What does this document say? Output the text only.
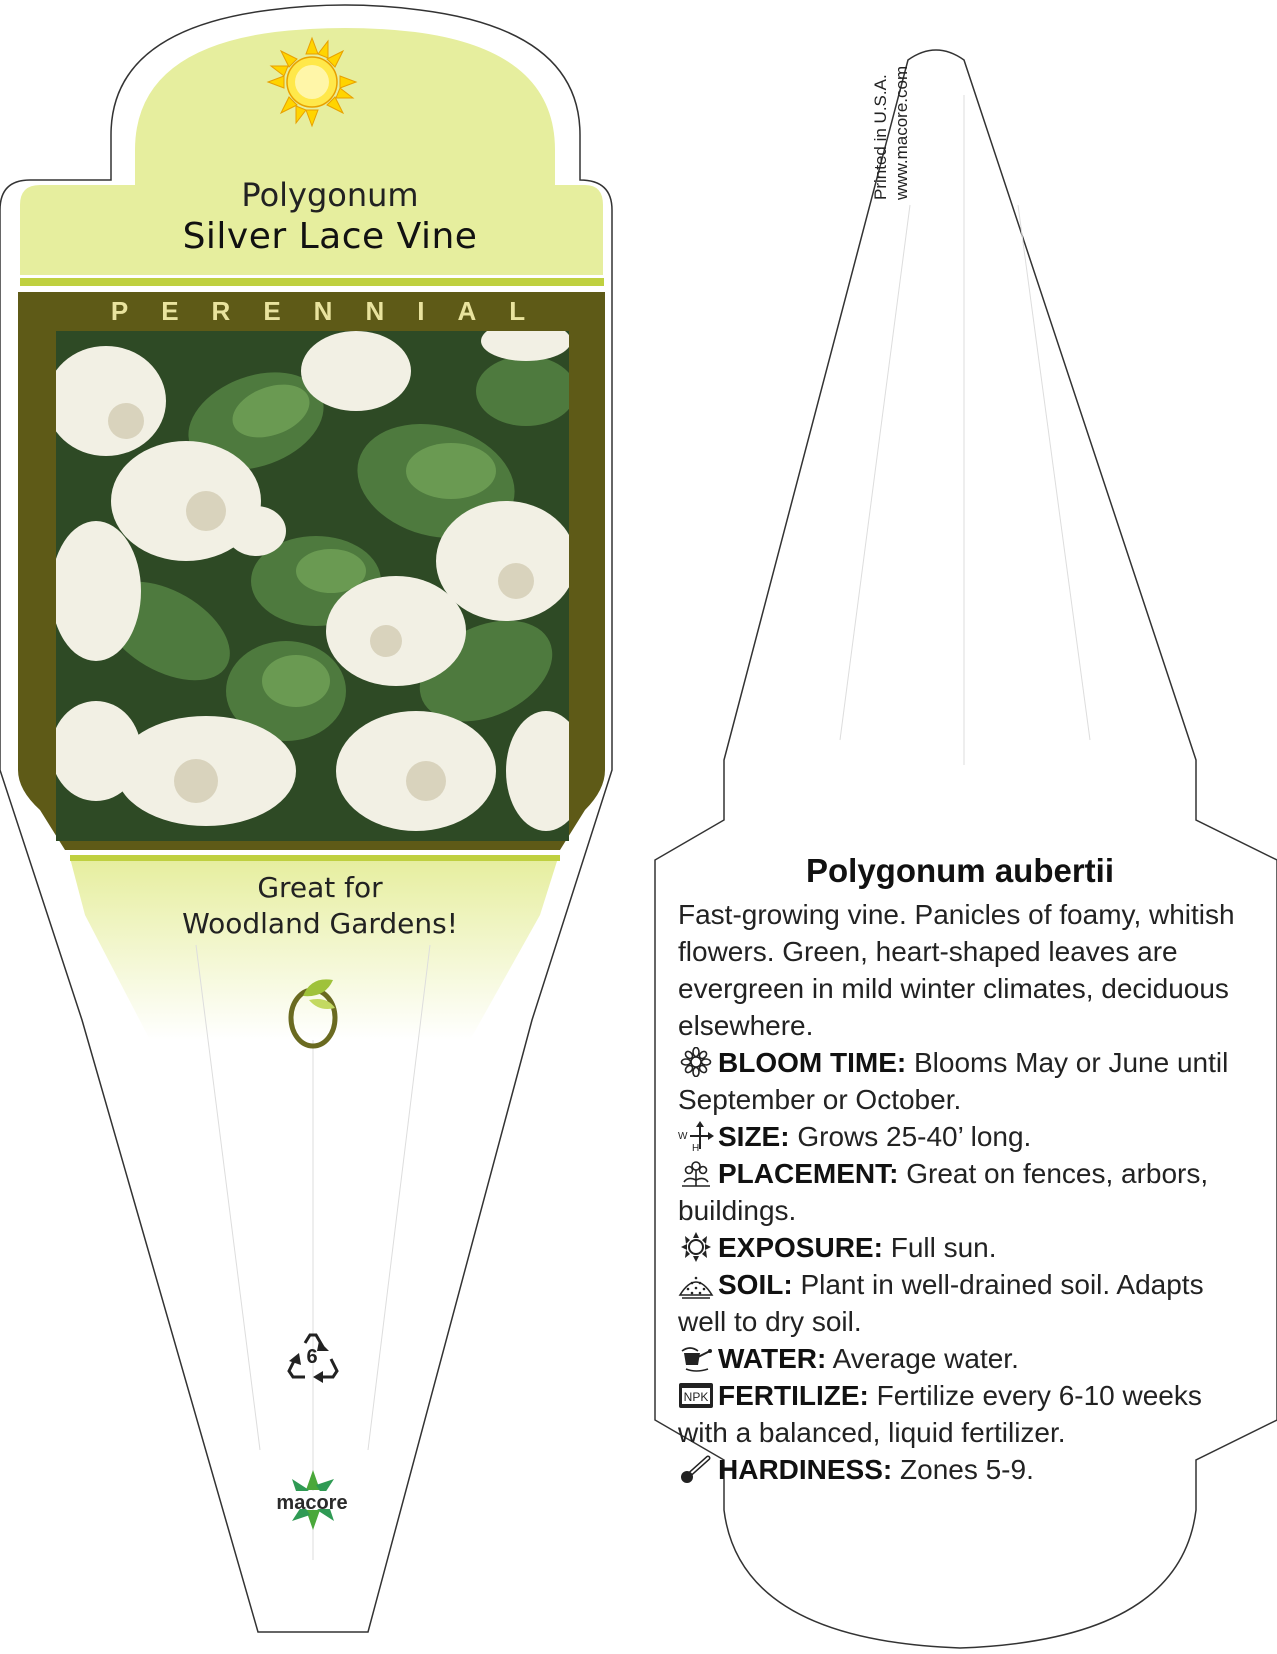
Polygonum
Silver Lace Vine
PERENNIAL
Great for
Woodland Gardens!
6
macore
Printed in U.S.A. www.macore.com
Polygonum aubertii

Fast-growing vine. Panicles of foamy, whitish flowers. Green, heart-shaped leaves are evergreen in mild winter climates, deciduous elsewhere.

BLOOM TIME: Blooms May or June until September or October.

W
H SIZE: Grows 25-40’ long.

PLACEMENT: Great on fences, arbors, buildings.

EXPOSURE: Full sun.

SOIL: Plant in well-drained soil. Adapts well to dry soil.

WATER: Average water.

NPK FERTILIZE: Fertilize every 6-10 weeks with a balanced, liquid fertilizer.

HARDINESS: Zones 5-9.
